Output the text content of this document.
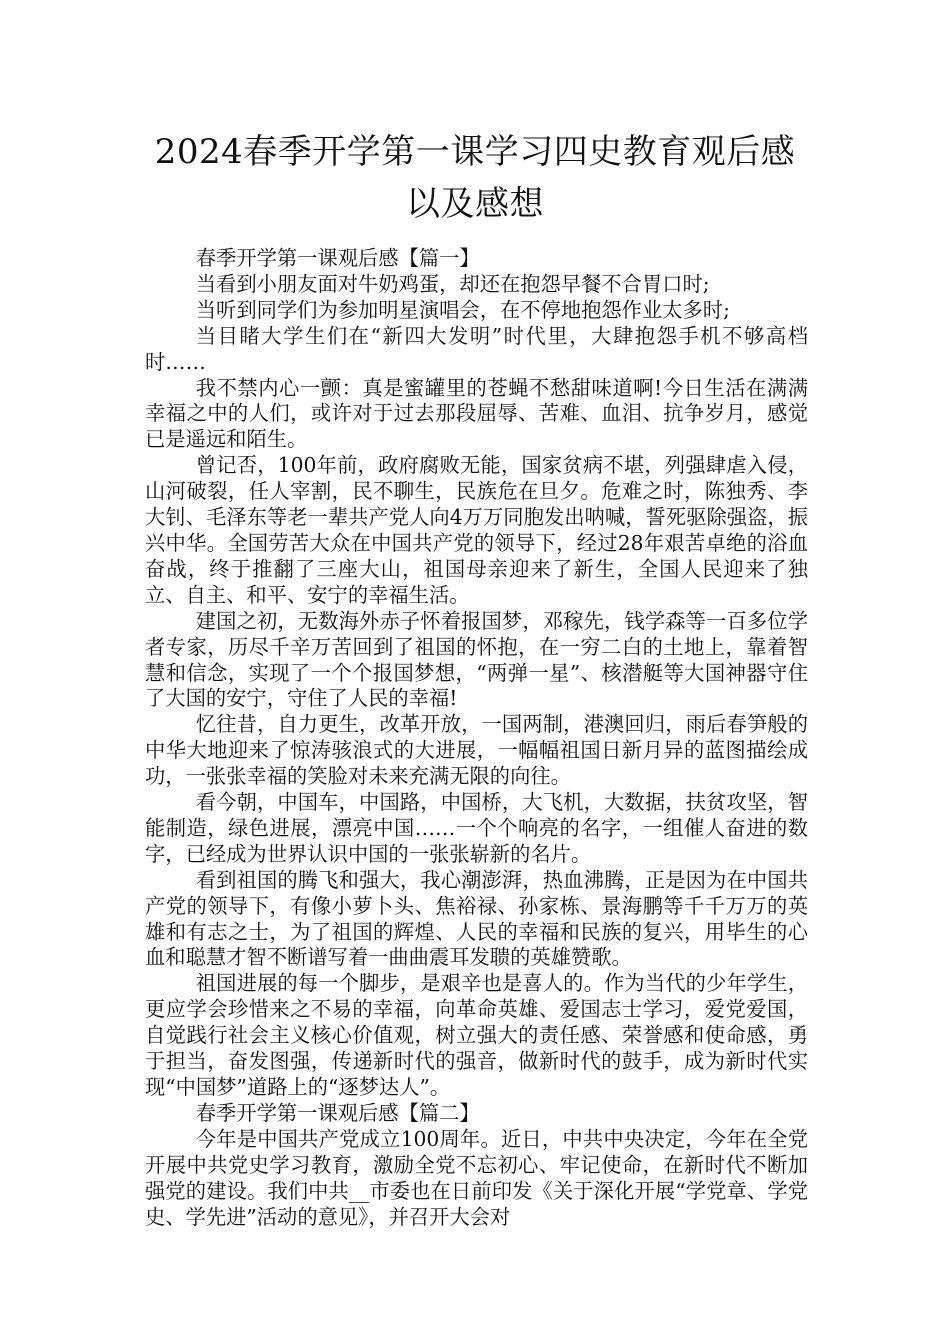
2024春季开学第一课学习四史教育观后感
以及感想

春季开学第一课观后感【篇一】

当看到小朋友面对牛奶鸡蛋，却还在抱怨早餐不合胃口时;

当听到同学们为参加明星演唱会，在不停地抱怨作业太多时;

当目睹大学生们在“新四大发明”时代里，大肆抱怨手机不够高档时……

我不禁内心一颤：真是蜜罐里的苍蝇不愁甜味道啊!今日生活在满满幸福之中的人们，或许对于过去那段屈辱、苦难、血泪、抗争岁月，感觉已是遥远和陌生。

曾记否，100年前，政府腐败无能，国家贫病不堪，列强肆虐入侵，山河破裂，任人宰割，民不聊生，民族危在旦夕。危难之时，陈独秀、李大钊、毛泽东等老一辈共产党人向4万万同胞发出呐喊，誓死驱除强盗，振兴中华。全国劳苦大众在中国共产党的领导下，经过28年艰苦卓绝的浴血奋战，终于推翻了三座大山，祖国母亲迎来了新生，全国人民迎来了独立、自主、和平、安宁的幸福生活。

建国之初，无数海外赤子怀着报国梦，邓稼先，钱学森等一百多位学者专家，历尽千辛万苦回到了祖国的怀抱，在一穷二白的土地上，靠着智慧和信念，实现了一个个报国梦想，“两弹一星”、核潜艇等大国神器守住了大国的安宁，守住了人民的幸福!

忆往昔，自力更生，改革开放，一国两制，港澳回归，雨后春笋般的中华大地迎来了惊涛骇浪式的大进展，一幅幅祖国日新月异的蓝图描绘成功，一张张幸福的笑脸对未来充满无限的向往。

看今朝，中国车，中国路，中国桥，大飞机，大数据，扶贫攻坚，智能制造，绿色进展，漂亮中国……一个个响亮的名字，一组催人奋进的数字，已经成为世界认识中国的一张张崭新的名片。

看到祖国的腾飞和强大，我心潮澎湃，热血沸腾，正是因为在中国共产党的领导下，有像小萝卜头、焦裕禄、孙家栋、景海鹏等千千万万的英雄和有志之士，为了祖国的辉煌、人民的幸福和民族的复兴，用毕生的心血和聪慧才智不断谱写着一曲曲震耳发聩的英雄赞歌。

祖国进展的每一个脚步，是艰辛也是喜人的。作为当代的少年学生，更应学会珍惜来之不易的幸福，向革命英雄、爱国志士学习，爱党爱国，自觉践行社会主义核心价值观，树立强大的责任感、荣誉感和使命感，勇于担当，奋发图强，传递新时代的强音，做新时代的鼓手，成为新时代实现“中国梦”道路上的“逐梦达人”。

春季开学第一课观后感【篇二】

今年是中国共产党成立100周年。近日，中共中央决定，今年在全党开展中共党史学习教育，激励全党不忘初心、牢记使命，在新时代不断加强党的建设。我们中共__市委也在日前印发《关于深化开展“学党章、学党史、学先进”活动的意见》，并召开大会对
